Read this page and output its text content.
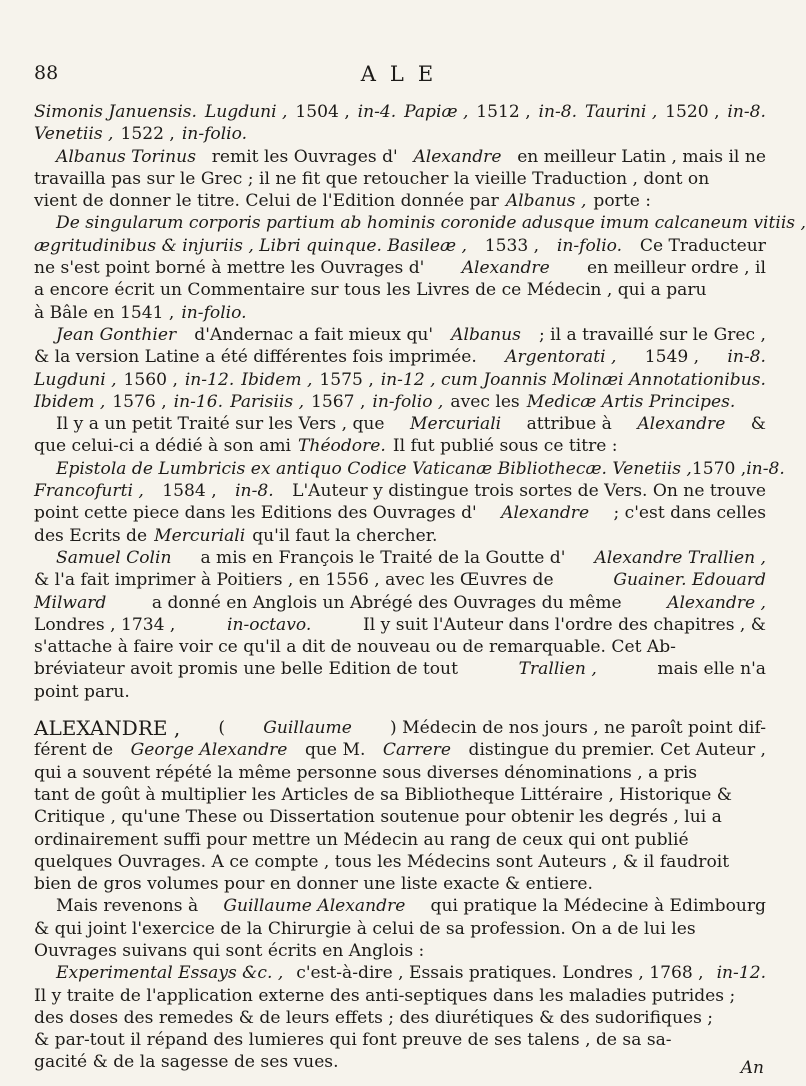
88	ALE
Simonis Januensis. Lugduni , 1504 , in-4. Papiæ , 1512 , in-8. Taurini , 1520 , in-8.
Venetiis , 1522 , in-folio.
Albanus Torinus remit les Ouvrages d' Alexandre en meilleur Latin , mais il ne
travailla pas sur le Grec ; il ne fit que retoucher la vieille Traduction , dont on
vient de donner le titre. Celui de l'Edition donnée par Albanus , porte :
De singularum corporis partium ab hominis coronide adusque imum calcaneum vitiis ,
ægritudinibus & injuriis , Libri quinque. Basileæ , 1533 , in-folio. Ce Traducteur
ne s'est point borné à mettre les Ouvrages d' Alexandre en meilleur ordre , il
a encore écrit un Commentaire sur tous les Livres de ce Médecin , qui a paru
à Bâle en 1541 , in-folio.
Jean Gonthier d'Andernac a fait mieux qu' Albanus ; il a travaillé sur le Grec ,
& la version Latine a été différentes fois imprimée. Argentorati , 1549 , in-8.
Lugduni , 1560 , in-12. Ibidem , 1575 , in-12 , cum Joannis Molinæi Annotationibus.
Ibidem , 1576 , in-16. Parisiis , 1567 , in-folio , avec les Medicæ Artis Principes.
Il y a un petit Traité sur les Vers , que Mercuriali attribue à Alexandre &
que celui-ci a dédié à son ami Théodore. Il fut publié sous ce titre :
Epistola de Lumbricis ex antiquo Codice Vaticanæ Bibliothecæ. Venetiis , 1570 , in-8.
Francofurti , 1584 , in-8. L'Auteur y distingue trois sortes de Vers. On ne trouve
point cette piece dans les Editions des Ouvrages d' Alexandre ; c'est dans celles
des Ecrits de Mercuriali qu'il faut la chercher.
Samuel Colin a mis en François le Traité de la Goutte d' Alexandre Trallien ,
& l'a fait imprimer à Poitiers , en 1556 , avec les Œuvres de	Guainer. Edouard
Milward	a donné en Anglois un Abrégé des Ouvrages du même	Alexandre ,
Londres , 1734 ,	in-octavo.	Il y suit l'Auteur dans l'ordre des chapitres , &
s'attache à faire voir ce qu'il a dit de nouveau ou de remarquable. Cet Ab-
bréviateur avoit promis une belle Edition de tout	Trallien ,	mais elle n'a
point paru.
ALEXANDRE , ( Guillaume ) Médecin de nos jours , ne paroît point dif-
férent de George Alexandre que M. Carrere distingue du premier. Cet Auteur ,
qui a souvent répété la même personne sous diverses dénominations , a pris
tant de goût à multiplier les Articles de sa Bibliotheque Littéraire , Historique &
Critique , qu'une These ou Dissertation soutenue pour obtenir les degrés , lui a
ordinairement suffi pour mettre un Médecin au rang de ceux qui ont publié
quelques Ouvrages. A ce compte , tous les Médecins sont Auteurs , & il faudroit
bien de gros volumes pour en donner une liste exacte & entiere.
Mais revenons à Guillaume Alexandre qui pratique la Médecine à Edimbourg
& qui joint l'exercice de la Chirurgie à celui de sa profession. On a de lui les
Ouvrages suivans qui sont écrits en Anglois :
Experimental Essays &c. , c'est-à-dire , Essais pratiques. Londres , 1768 , in-12.
Il y traite de l'application externe des anti-septiques dans les maladies putrides ;
des doses des remedes & de leurs effets ; des diurétiques & des sudorifiques ;
& par-tout il répand des lumieres qui font preuve de ses talens , de sa sa-
gacité & de la sagesse de ses vues.	An
